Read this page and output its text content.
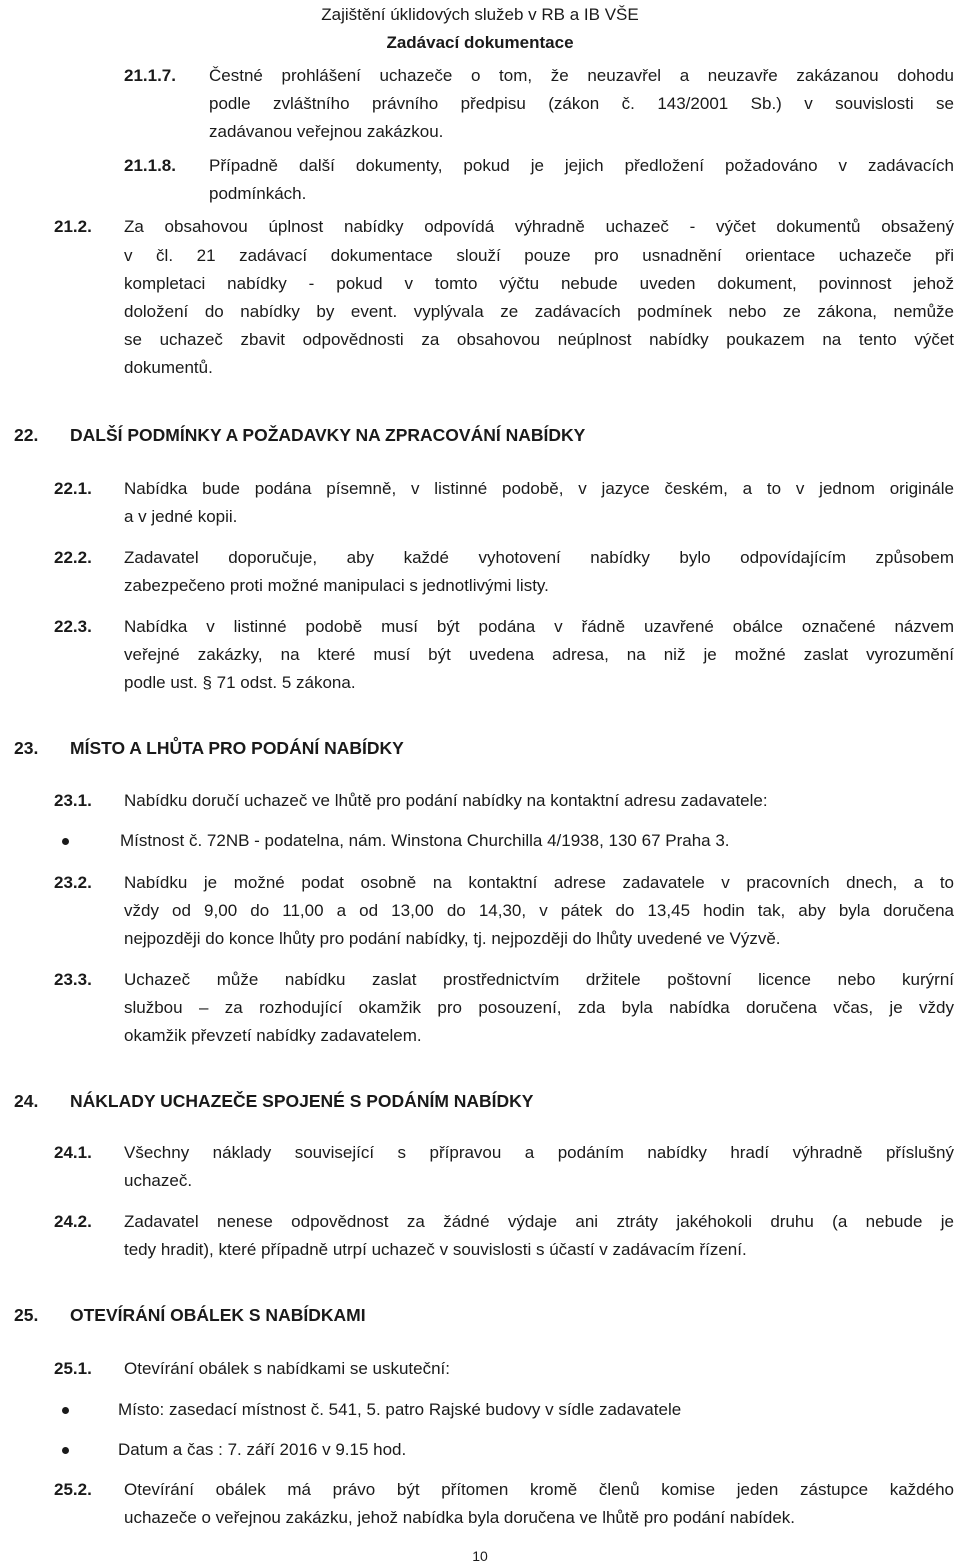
Zajištění úklidových služeb v RB a IB VŠE
Zadávací dokumentace
21.1.7. Čestné prohlášení uchazeče o tom, že neuzavřel a neuzavře zakázanou dohodu
podle zvláštního právního předpisu (zákon č. 143/2001 Sb.) v souvislosti se
zadávanou veřejnou zakázkou.
21.1.8. Případně další dokumenty, pokud je jejich předložení požadováno v zadávacích
podmínkách.
21.2. Za obsahovou úplnost nabídky odpovídá výhradně uchazeč - výčet dokumentů obsažený
v čl. 21 zadávací dokumentace slouží pouze pro usnadnění orientace uchazeče při
kompletaci nabídky - pokud v tomto výčtu nebude uveden dokument, povinnost jehož
doložení do nabídky by event. vyplývala ze zadávacích podmínek nebo ze zákona, nemůže
se uchazeč zbavit odpovědnosti za obsahovou neúplnost nabídky poukazem na tento výčet
dokumentů.
22. DALŠÍ PODMÍNKY A POŽADAVKY NA ZPRACOVÁNÍ NABÍDKY
22.1. Nabídka bude podána písemně, v listinné podobě, v jazyce českém, a to v jednom originále
a v jedné kopii.
22.2. Zadavatel doporučuje, aby každé vyhotovení nabídky bylo odpovídajícím způsobem
zabezpečeno proti možné manipulaci s jednotlivými listy.
22.3. Nabídka v listinné podobě musí být podána v řádně uzavřené obálce označené názvem
veřejné zakázky, na které musí být uvedena adresa, na niž je možné zaslat vyrozumění
podle ust. § 71 odst. 5 zákona.
23. MÍSTO A LHŮTA PRO PODÁNÍ NABÍDKY
23.1. Nabídku doručí uchazeč ve lhůtě pro podání nabídky na kontaktní adresu zadavatele:
Místnost č. 72NB - podatelna, nám. Winstona Churchilla 4/1938, 130 67 Praha 3.
23.2. Nabídku je možné podat osobně na kontaktní adrese zadavatele v pracovních dnech, a to
vždy od 9,00 do 11,00 a od 13,00 do 14,30, v pátek do 13,45 hodin tak, aby byla doručena
nejpozději do konce lhůty pro podání nabídky, tj. nejpozději do lhůty uvedené ve Výzvě.
23.3. Uchazeč může nabídku zaslat prostřednictvím držitele poštovní licence nebo kurýrní
službou – za rozhodující okamžik pro posouzení, zda byla nabídka doručena včas, je vždy
okamžik převzetí nabídky zadavatelem.
24. NÁKLADY UCHAZEČE SPOJENÉ S PODÁNÍM NABÍDKY
24.1. Všechny náklady související s přípravou a podáním nabídky hradí výhradně příslušný
uchazeč.
24.2. Zadavatel nenese odpovědnost za žádné výdaje ani ztráty jakéhokoli druhu (a nebude je
tedy hradit), které případně utrpí uchazeč v souvislosti s účastí v zadávacím řízení.
25. OTEVÍRÁNÍ OBÁLEK S NABÍDKAMI
25.1. Otevírání obálek s nabídkami se uskuteční:
Místo: zasedací místnost č. 541, 5. patro Rajské budovy v sídle zadavatele
Datum a čas : 7. září 2016 v 9.15 hod.
25.2. Otevírání obálek má právo být přítomen kromě členů komise jeden zástupce každého
uchazeče o veřejnou zakázku, jehož nabídka byla doručena ve lhůtě pro podání nabídek.
10
